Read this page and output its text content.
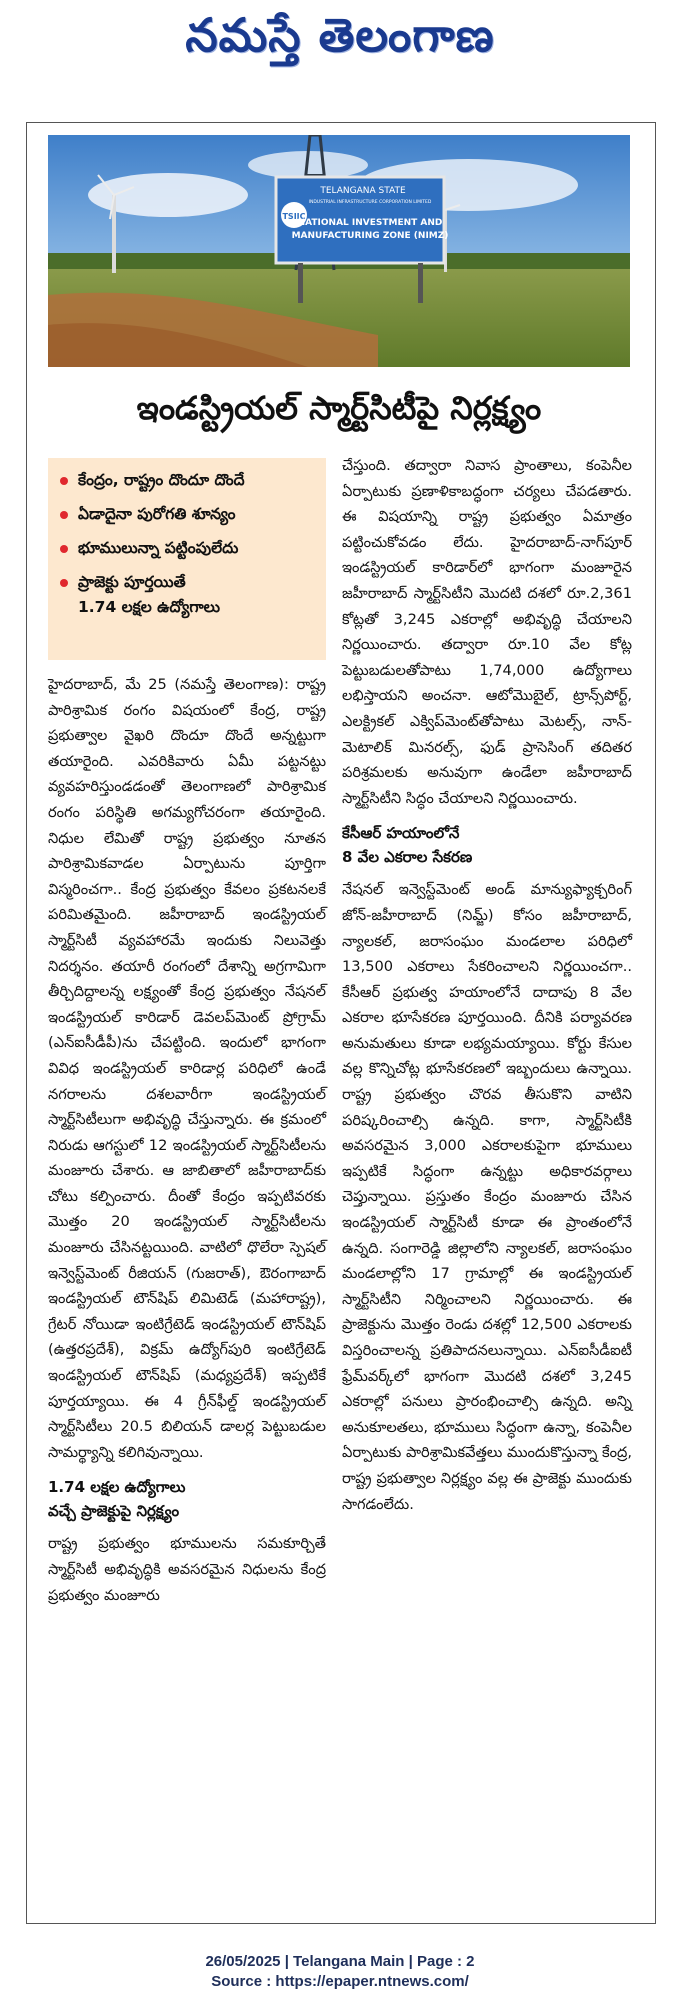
నమస్తే తెలంగాణ
TSIIC
TELANGANA STATE
INDUSTRIAL INFRASTRUCTURE CORPORATION LIMITED
NATIONAL INVESTMENT AND
MANUFACTURING ZONE (NIMZ)
ఇండస్ట్రియల్ స్మార్ట్‌సిటీపై నిర్లక్ష్యం
కేంద్రం, రాష్ట్రం దొందూ దొందే
ఏడాదైనా పురోగతి శూన్యం
భూములున్నా పట్టింపులేదు
ప్రాజెక్టు పూర్తయితే
1.74 లక్షల ఉద్యోగాలు

హైదరాబాద్, మే 25 (నమస్తే తెలంగాణ): రాష్ట్ర పారిశ్రామిక రంగం విషయంలో కేంద్ర, రాష్ట్ర ప్రభుత్వాల వైఖరి దొందూ దొందే అన్నట్టుగా తయారైంది. ఎవరికివారు ఏమీ పట్టనట్టు వ్యవహరిస్తుండడంతో తెలంగాణలో పారిశ్రామిక రంగం పరిస్థితి అగమ్యగోచరంగా తయారైంది. నిధుల లేమితో రాష్ట్ర ప్రభుత్వం నూతన పారిశ్రామికవాడల ఏర్పాటును పూర్తిగా విస్మరించగా.. కేంద్ర ప్రభుత్వం కేవలం ప్రకటనలకే పరిమితమైంది. జహీరాబాద్ ఇండస్ట్రియల్ స్మార్ట్‌సిటీ వ్యవహారమే ఇందుకు నిలువెత్తు నిదర్శనం. తయారీ రంగంలో దేశాన్ని అగ్రగామిగా తీర్చిదిద్దాలన్న లక్ష్యంతో కేంద్ర ప్రభుత్వం నేషనల్ ఇండస్ట్రియల్ కారిడార్ డెవలప్‌మెంట్ ప్రోగ్రామ్ (ఎన్‌ఐసీడీపీ)ను చేపట్టింది. ఇందులో భాగంగా వివిధ ఇండస్ట్రియల్ కారిడార్ల పరిధిలో ఉండే నగరాలను దశలవారీగా ఇండస్ట్రియల్ స్మార్ట్‌సిటీలుగా అభివృద్ధి చేస్తున్నారు. ఈ క్రమంలో నిరుడు ఆగస్టులో 12 ఇండస్ట్రియల్ స్మార్ట్‌సిటీలను మంజూరు చేశారు. ఆ జాబితాలో జహీరాబాద్‌కు చోటు కల్పించారు. దీంతో కేంద్రం ఇప్పటివరకు మొత్తం 20 ఇండస్ట్రియల్ స్మార్ట్‌సిటీలను మంజూరు చేసినట్టయింది. వాటిలో ధొలేరా స్పెషల్ ఇన్వెస్ట్‌మెంట్ రీజియన్ (గుజరాత్), ఔరంగాబాద్ ఇండస్ట్రియల్ టౌన్‌షిప్ లిమిటెడ్ (మహారాష్ట్ర), గ్రేటర్ నోయిడా ఇంటిగ్రేటెడ్ ఇండస్ట్రియల్ టౌన్‌షిప్ (ఉత్తరప్రదేశ్), విక్రమ్ ఉద్యోగ్‌పురి ఇంటిగ్రేటెడ్ ఇండస్ట్రియల్ టౌన్‌షిప్ (మధ్యప్రదేశ్) ఇప్పటికే పూర్తయ్యాయి. ఈ 4 గ్రీన్‌ఫీల్డ్ ఇండస్ట్రియల్ స్మార్ట్‌సిటీలు 20.5 బిలియన్ డాలర్ల పెట్టుబడుల సామర్థ్యాన్ని కలిగివున్నాయి.

1.74 లక్షల ఉద్యోగాలు
వచ్చే ప్రాజెక్టుపై నిర్లక్ష్యం

రాష్ట్ర ప్రభుత్వం భూములను సమకూర్చితే స్మార్ట్‌సిటీ అభివృద్ధికి అవసరమైన నిధులను కేంద్ర ప్రభుత్వం మంజూరు

చేస్తుంది. తద్వారా నివాస ప్రాంతాలు, కంపెనీల ఏర్పాటుకు ప్రణాళికాబద్ధంగా చర్యలు చేపడతారు. ఈ విషయాన్ని రాష్ట్ర ప్రభుత్వం ఏమాత్రం పట్టించుకోవడం లేదు. హైదరాబాద్-నాగ్‌పూర్ ఇండస్ట్రియల్ కారిడార్‌లో భాగంగా మంజూరైన జహీరాబాద్ స్మార్ట్‌సిటీని మొదటి దశలో రూ.2,361 కోట్లతో 3,245 ఎకరాల్లో అభివృద్ధి చేయాలని నిర్ణయించారు. తద్వారా రూ.10 వేల కోట్ల పెట్టుబడులతోపాటు 1,74,000 ఉద్యోగాలు లభిస్తాయని అంచనా. ఆటోమొబైల్, ట్రాన్స్‌పోర్ట్, ఎలక్ట్రికల్ ఎక్విప్‌మెంట్‌తోపాటు మెటల్స్, నాన్-మెటాలిక్ మినరల్స్, ఫుడ్ ప్రాసెసింగ్ తదితర పరిశ్రమలకు అనువుగా ఉండేలా జహీరాబాద్ స్మార్ట్‌సిటీని సిద్ధం చేయాలని నిర్ణయించారు.

కేసీఆర్ హయాంలోనే
8 వేల ఎకరాల సేకరణ

నేషనల్ ఇన్వెస్ట్‌మెంట్ అండ్ మాన్యుఫ్యాక్చరింగ్ జోన్-జహీరాబాద్ (నిమ్జ్) కోసం జహీరాబాద్, న్యాలకల్, జరాసంఘం మండలాల పరిధిలో 13,500 ఎకరాలు సేకరించాలని నిర్ణయించగా.. కేసీఆర్ ప్రభుత్వ హయాంలోనే దాదాపు 8 వేల ఎకరాల భూసేకరణ పూర్తయింది. దీనికి పర్యావరణ అనుమతులు కూడా లభ్యమయ్యాయి. కోర్టు కేసుల వల్ల కొన్నిచోట్ల భూసేకరణలో ఇబ్బందులు ఉన్నాయి. రాష్ట్ర ప్రభుత్వం చొరవ తీసుకొని వాటిని పరిష్కరించాల్సి ఉన్నది. కాగా, స్మార్ట్‌సిటీకి అవసరమైన 3,000 ఎకరాలకుపైగా భూములు ఇప్పటికే సిద్ధంగా ఉన్నట్టు అధికారవర్గాలు చెప్తున్నాయి. ప్రస్తుతం కేంద్రం మంజూరు చేసిన ఇండస్ట్రియల్ స్మార్ట్‌సిటీ కూడా ఈ ప్రాంతంలోనే ఉన్నది. సంగారెడ్డి జిల్లాలోని న్యాలకల్, జరాసంఘం మండలాల్లోని 17 గ్రామాల్లో ఈ ఇండస్ట్రియల్ స్మార్ట్‌సిటీని నిర్మించాలని నిర్ణయించారు. ఈ ప్రాజెక్టును మొత్తం రెండు దశల్లో 12,500 ఎకరాలకు విస్తరించాలన్న ప్రతిపాదనలున్నాయి. ఎన్‌ఐసీడీఐటీ ఫ్రేమ్‌వర్క్‌లో భాగంగా మొదటి దశలో 3,245 ఎకరాల్లో పనులు ప్రారంభించాల్సి ఉన్నది. అన్ని అనుకూలతలు, భూములు సిద్ధంగా ఉన్నా, కంపెనీల ఏర్పాటుకు పారిశ్రామికవేత్తలు ముందుకొస్తున్నా కేంద్ర, రాష్ట్ర ప్రభుత్వాల నిర్లక్ష్యం వల్ల ఈ ప్రాజెక్టు ముందుకు సాగడంలేదు.

26/05/2025 | Telangana Main | Page : 2
Source : https://epaper.ntnews.com/
